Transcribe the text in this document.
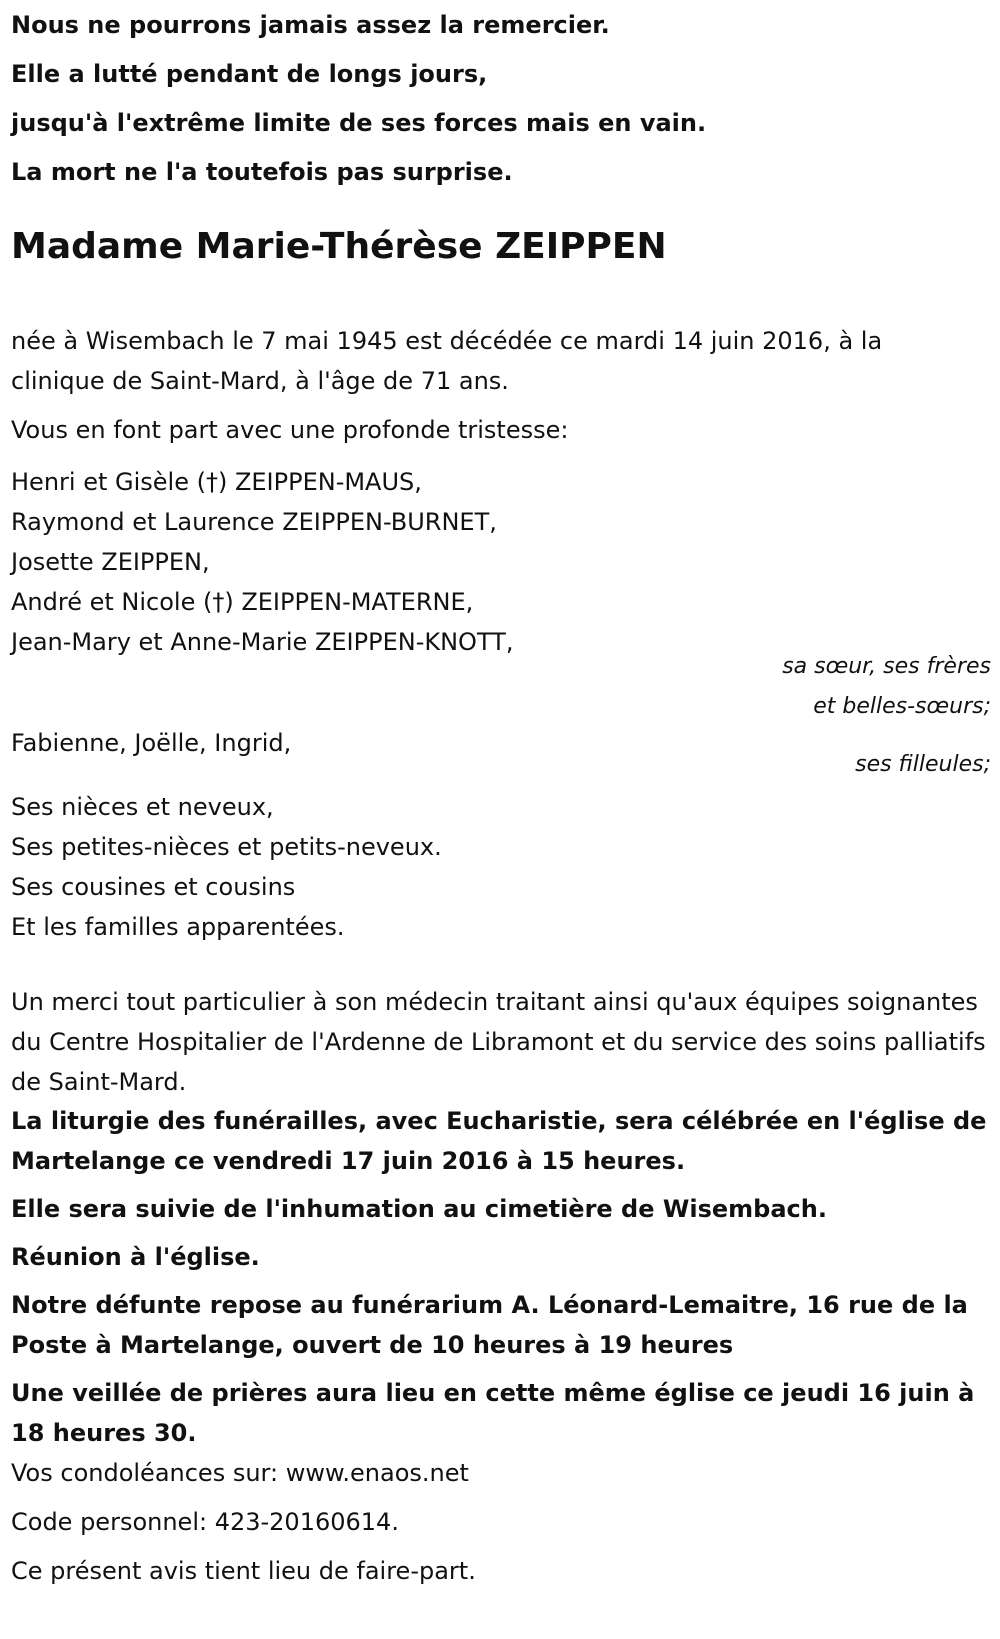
Nous ne pourrons jamais assez la remercier.

Elle a lutté pendant de longs jours,

jusqu'à l'extrême limite de ses forces mais en vain.

La mort ne l'a toutefois pas surprise.

Madame Marie-Thérèse ZEIPPEN

née à Wisembach le 7 mai 1945 est décédée ce mardi 14 juin 2016, à la clinique de Saint-Mard, à l'âge de 71 ans.

Vous en font part avec une profonde tristesse:

Henri et Gisèle (†) ZEIPPEN-MAUS,
Raymond et Laurence ZEIPPEN-BURNET,
Josette ZEIPPEN,
André et Nicole (†) ZEIPPEN-MATERNE,
Jean-Mary et Anne-Marie ZEIPPEN-KNOTT,
sa sœur, ses frères
et belles-sœurs;

Fabienne, Joëlle, Ingrid,

ses filleules;
Ses nièces et neveux,
Ses petites-nièces et petits-neveux.
Ses cousines et cousins
Et les familles apparentées.

Un merci tout particulier à son médecin traitant ainsi qu'aux équipes soignantes du Centre Hospitalier de l'Ardenne de Libramont et du service des soins palliatifs de Saint-Mard.

La liturgie des funérailles, avec Eucharistie, sera célébrée en l'église de Martelange ce vendredi 17 juin 2016 à 15 heures.

Elle sera suivie de l'inhumation au cimetière de Wisembach.

Réunion à l'église.

Notre défunte repose au funérarium A. Léonard-Lemaitre, 16 rue de la Poste à Martelange, ouvert de 10 heures à 19 heures

Une veillée de prières aura lieu en cette même église ce jeudi 16 juin à 18 heures 30.

Vos condoléances sur: www.enaos.net

Code personnel: 423-20160614.

Ce présent avis tient lieu de faire-part.
